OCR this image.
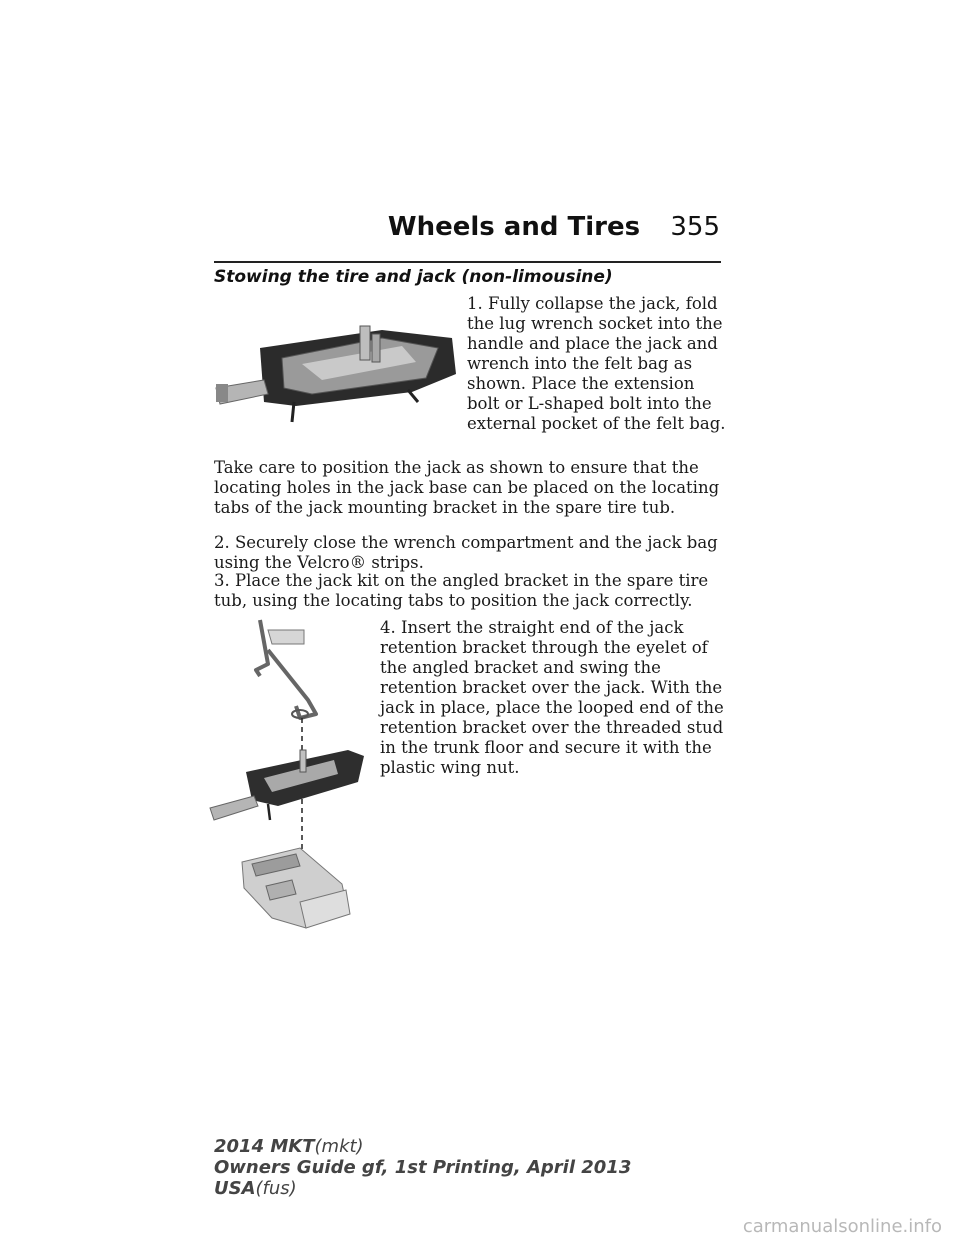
Wheels and Tires	355
Stowing the tire and jack (non-limousine)

1. Fully collapse the jack, fold the lug wrench socket into the handle and place the jack and wrench into the felt bag as shown. Place the extension bolt or L-shaped bolt into the external pocket of the felt bag.

Take care to position the jack as shown to ensure that the locating holes in the jack base can be placed on the locating tabs of the jack mounting bracket in the spare tire tub.

2. Securely close the wrench compartment and the jack bag using the Velcro® strips.

3. Place the jack kit on the angled bracket in the spare tire tub, using the locating tabs to position the jack correctly.

4. Insert the straight end of the jack retention bracket through the eyelet of the angled bracket and swing the retention bracket over the jack. With the jack in place, place the looped end of the retention bracket over the threaded stud in the trunk floor and secure it with the plastic wing nut.

2014 MKT(mkt)
Owners Guide gf, 1st Printing, April 2013
USA(fus)
carmanualsonline.info
